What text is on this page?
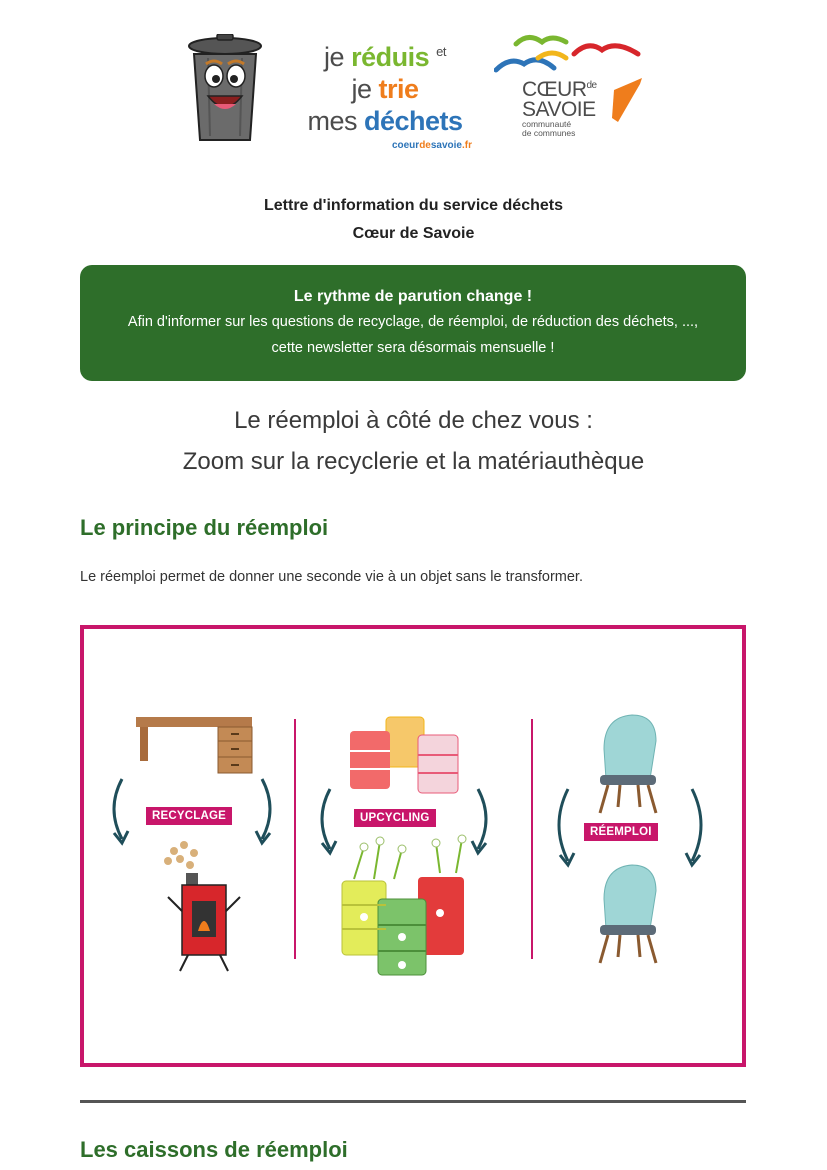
je réduis $^{et}$
je trie
mes déchets
coeurdesavoie.fr
$CŒUR^{de}$
SAVOIE
communauté
de communes
Lettre d'information du service déchets
Cœur de Savoie
Le rythme de parution change !

Afin d'informer sur les questions de recyclage, de réemploi, de réduction des déchets, ..., cette newsletter sera désormais mensuelle !

Le réemploi à côté de chez vous :
Zoom sur la recyclerie et la matériauthèque
Le principe du réemploi
Le réemploi permet de donner une seconde vie à un objet sans le transformer.
RECYCLAGE	UPCYCLING
RÉEMPLOI
Les caissons de réemploi
